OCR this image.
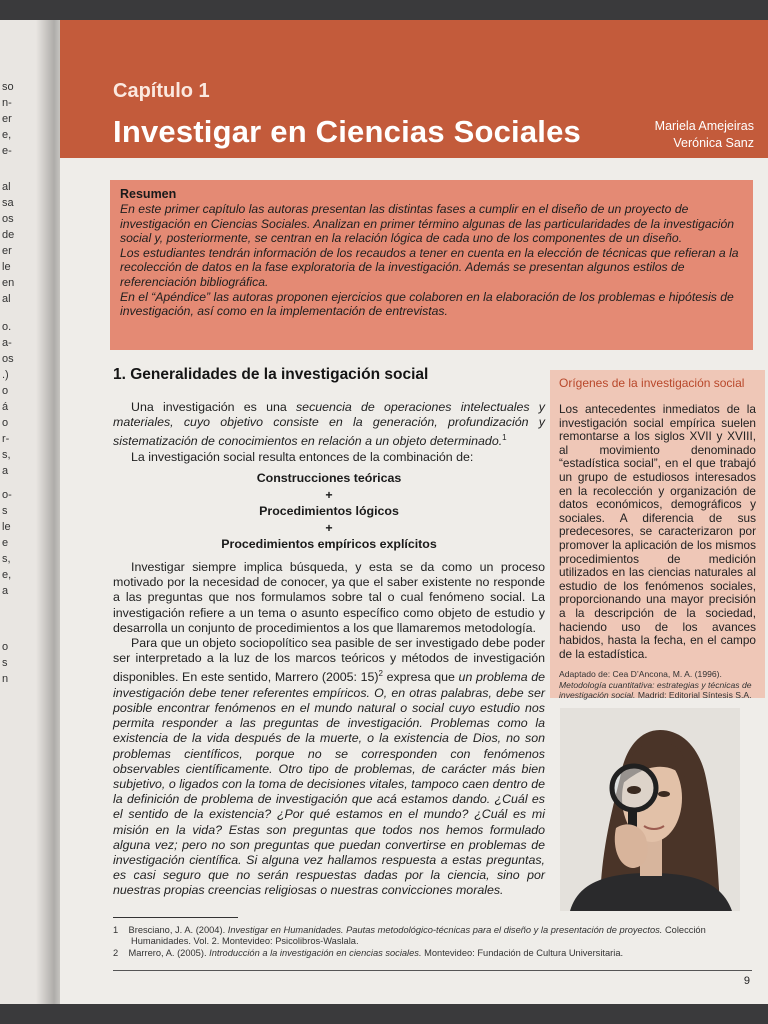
so
n-
er
e,
e-
al
sa
os
de
er
le
en
al
o.
a-
os
.)
o
á
o
r-
s,
a
o-
s
le
e
s,
e,
a
o
s
n
Capítulo 1
Investigar en Ciencias Sociales	Mariela Amejeiras
Verónica Sanz
Resumen

En este primer capítulo las autoras presentan las distintas fases a cumplir en el diseño de un proyecto de investigación en Ciencias Sociales. Analizan en primer término algunas de las particularidades de la investigación social y, posteriormente, se centran en la relación lógica de cada uno de los componentes de un diseño.

Los estudiantes tendrán información de los recaudos a tener en cuenta en la elección de técnicas que refieran a la recolección de datos en la fase exploratoria de la investigación. Además se presentan algunos estilos de referenciación bibliográfica.

En el “Apéndice” las autoras proponen ejercicios que colaboren en la elaboración de los problemas e hipótesis de investigación, así como en la implementación de entrevistas.

1. Generalidades de la investigación social

Una investigación es una secuencia de operaciones intelectuales y materiales, cuyo objetivo consiste en la generación, profundización y sistematización de conocimientos en relación a un objeto determinado.$^1$

La investigación social resulta entonces de la combinación de:

Construcciones teóricas
+
Procedimientos lógicos
+
Procedimientos empíricos explícitos

Investigar siempre implica búsqueda, y esta se da como un proceso motivado por la necesidad de conocer, ya que el saber existente no responde a las preguntas que nos formulamos sobre tal o cual fenómeno social. La investigación refiere a un tema o asunto específico como objeto de estudio y desarrolla un conjunto de procedimientos a los que llamaremos metodología.

Para que un objeto sociopolítico sea pasible de ser investigado debe poder ser interpretado a la luz de los marcos teóricos y métodos de investigación disponibles. En este sentido, Marrero (2005: 15)$^2$ expresa que un problema de investigación debe tener referentes empíricos. O, en otras palabras, debe ser posible encontrar fenómenos en el mundo natural o social cuyo estudio nos permita responder a las preguntas de investigación. Problemas como la existencia de la vida después de la muerte, o la existencia de Dios, no son problemas científicos, porque no se corresponden con fenómenos observables científicamente. Otro tipo de problemas, de carácter más bien subjetivo, o ligados con la toma de decisiones vitales, tampoco caen dentro de la definición de problema de investigación que acá estamos dando. ¿Cuál es el sentido de la existencia? ¿Por qué estamos en el mundo? ¿Cuál es mi misión en la vida? Estas son preguntas que todos nos hemos formulado alguna vez; pero no son preguntas que puedan convertirse en problemas de investigación científica. Si alguna vez hallamos respuesta a estas preguntas, es casi seguro que no serán respuestas dadas por la ciencia, sino por nuestras propias creencias religiosas o nuestras convicciones morales.

Orígenes de la investigación social
Los antecedentes inmediatos de la investigación social empírica suelen remontarse a los siglos XVII y XVIII, al movimiento denominado “estadística social”, en el que trabajó un grupo de estudiosos interesados en la recolección y organización de datos económicos, demográficos y sociales. A diferencia de sus predecesores, se caracterizaron por promover la aplicación de los mismos procedimientos de medición utilizados en las ciencias naturales al estudio de los fenómenos sociales, proporcionando una mayor precisión a la descripción de la sociedad, haciendo uso de los avances habidos, hasta la fecha, en el campo de la estadística.
Adaptado de: Cea D’Ancona, M. A. (1996). Metodología cuantitativa: estrategias y técnicas de investigación social. Madrid: Editorial Síntesis S.A.
1 Bresciano, J. A. (2004). Investigar en Humanidades. Pautas metodológico-técnicas para el diseño y la presentación de proyectos. Colección Humanidades. Vol. 2. Montevideo: Psicolibros-Waslala.
2 Marrero, A. (2005). Introducción a la investigación en ciencias sociales. Montevideo: Fundación de Cultura Universitaria.
9
